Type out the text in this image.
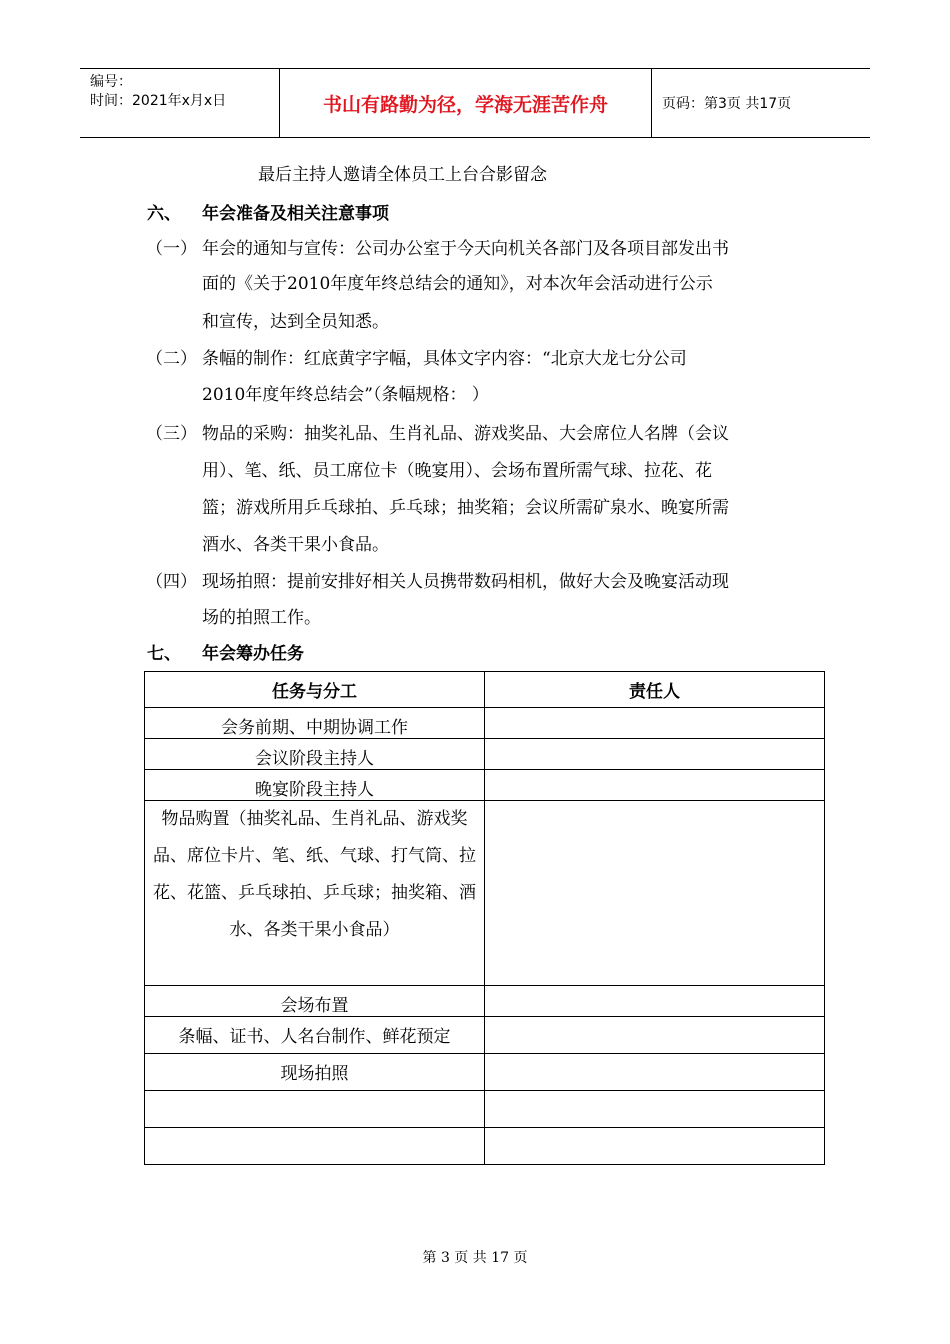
编号：
时间：2021年x月x日	书山有路勤为径，学海无涯苦作舟	页码：第3页 共17页
最后主持人邀请全体员工上台合影留念
六、 年会准备及相关注意事项
（一） 年会的通知与宣传：公司办公室于今天向机关各部门及各项目部发出书
面的《关于2010年度年终总结会的通知》，对本次年会活动进行公示
和宣传，达到全员知悉。
（二） 条幅的制作：红底黄字字幅，具体文字内容：“北京大龙七分公司
2010年度年终总结会”（条幅规格： ）
（三） 物品的采购：抽奖礼品、生肖礼品、游戏奖品、大会席位人名牌（会议
用）、笔、纸、员工席位卡（晚宴用）、会场布置所需气球、拉花、花
篮；游戏所用乒乓球拍、乒乓球；抽奖箱；会议所需矿泉水、晚宴所需
酒水、各类干果小食品。
（四） 现场拍照：提前安排好相关人员携带数码相机，做好大会及晚宴活动现
场的拍照工作。
七、 年会筹办任务
任务与分工	责任人
会务前期、中期协调工作	
会议阶段主持人	
晚宴阶段主持人	
物品购置（抽奖礼品、生肖礼品、游戏奖品、席位卡片、笔、纸、气球、打气筒、拉花、花篮、乒乓球拍、乒乓球；抽奖箱、酒水、各类干果小食品）	
会场布置	
条幅、证书、人名台制作、鲜花预定	
现场拍照	

第 3 页 共 17 页
